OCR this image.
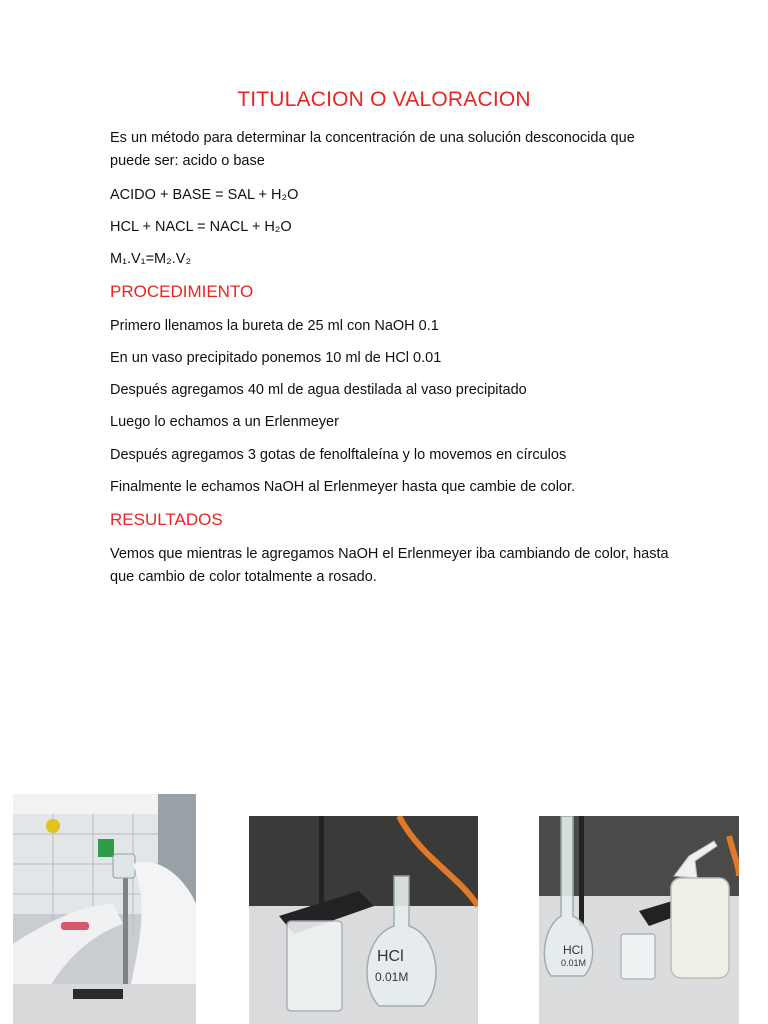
TITULACION O VALORACION
Es un método para determinar la concentración de una solución desconocida que puede ser: acido o base
ACIDO + BASE = SAL + H₂O
HCL + NACL = NACL + H₂O
M₁.V₁=M₂.V₂
PROCEDIMIENTO
Primero llenamos la bureta de 25 ml con NaOH 0.1
En un vaso precipitado ponemos 10 ml de HCl 0.01
Después agregamos 40 ml de agua destilada al vaso precipitado
Luego lo echamos a un Erlenmeyer
Después agregamos 3 gotas de fenolftaleína y lo movemos en círculos
Finalmente le echamos NaOH al Erlenmeyer hasta que cambie de color.
RESULTADOS
Vemos que mientras le agregamos NaOH el Erlenmeyer iba cambiando de color, hasta que cambio de color totalmente a rosado.
HCl
0.01M
HCl
0.01M
